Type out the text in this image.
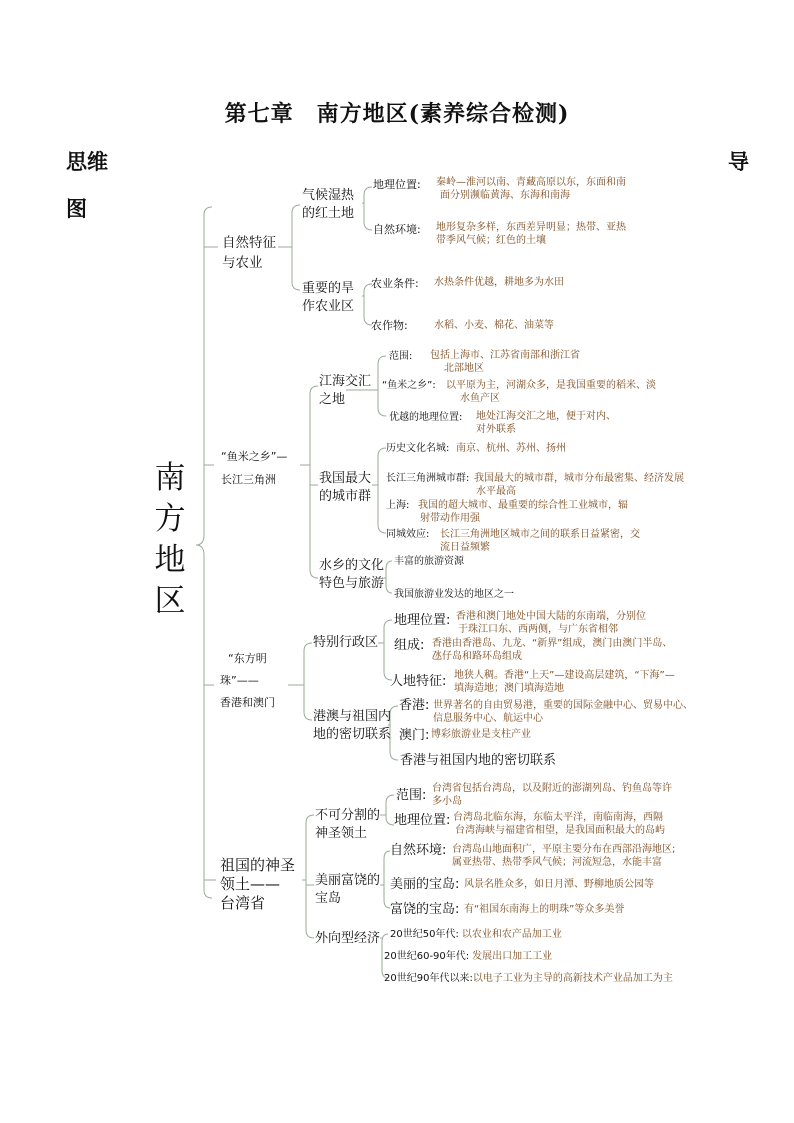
第七章　南方地区(素养综合检测)
思维
图
导
南方地区
自然特征
与农业
气候湿热
的红土地
地理位置: 秦岭—淮河以南、青藏高原以东，东面和南
面分别濒临黄海、东海和南海
自然环境: 地形复杂多样，东西差异明显；热带、亚热
带季风气候；红色的土壤
重要的旱
作农业区
农业条件: 水热条件优越，耕地多为水田
农作物:	水稻、小麦、棉花、油菜等
“鱼米之乡”—
长江三角洲
江海交汇
之地
范围: 包括上海市、江苏省南部和浙江省
北部地区
“鱼米之乡”: 以平原为主，河湖众多，是我国重要的稻米、淡
水鱼产区
优越的地理位置: 地处江海交汇之地，便于对内、
对外联系
我国最大
的城市群
历史文化名城: 南京、杭州、苏州、扬州
长江三角洲城市群: 我国最大的城市群，城市分布最密集、经济发展
水平最高
上海: 我国的超大城市、最重要的综合性工业城市，辐
射带动作用强
同城效应: 长江三角洲地区城市之间的联系日益紧密，交
流日益频繁
水乡的文化
特色与旅游
丰富的旅游资源
我国旅游业发达的地区之一
“东方明
珠”——
香港和澳门
特别行政区
地理位置: 香港和澳门地处中国大陆的东南端，分别位
于珠江口东、西两侧，与广东省相邻
组成: 香港由香港岛、九龙、“新界”组成，澳门由澳门半岛、
氹仔岛和路环岛组成
人地特征: 地狭人稠。香港“上天”—建设高层建筑，“下海”—
填海造地；澳门填海造地
港澳与祖国内
地的密切联系
香港: 世界著名的自由贸易港，重要的国际金融中心、贸易中心、
信息服务中心、航运中心
澳门: 博彩旅游业是支柱产业
香港与祖国内地的密切联系
祖国的神圣
领土——
台湾省
不可分割的
神圣领土
范围: 台湾省包括台湾岛，以及附近的澎湖列岛、钓鱼岛等许
多小岛
地理位置: 台湾岛北临东海，东临太平洋，南临南海，西隔
台湾海峡与福建省相望，是我国面积最大的岛屿
美丽富饶的
宝岛
自然环境: 台湾岛山地面积广，平原主要分布在西部沿海地区;
属亚热带、热带季风气候；河流短急，水能丰富
美丽的宝岛: 风景名胜众多，如日月潭、野柳地质公园等
富饶的宝岛: 有“祖国东南海上的明珠”等众多美誉
外向型经济 20世纪50年代: 以农业和农产品加工业
20世纪60-90年代: 发展出口加工工业
20世纪90年代以来:以电子工业为主导的高新技术产业品加工为主
